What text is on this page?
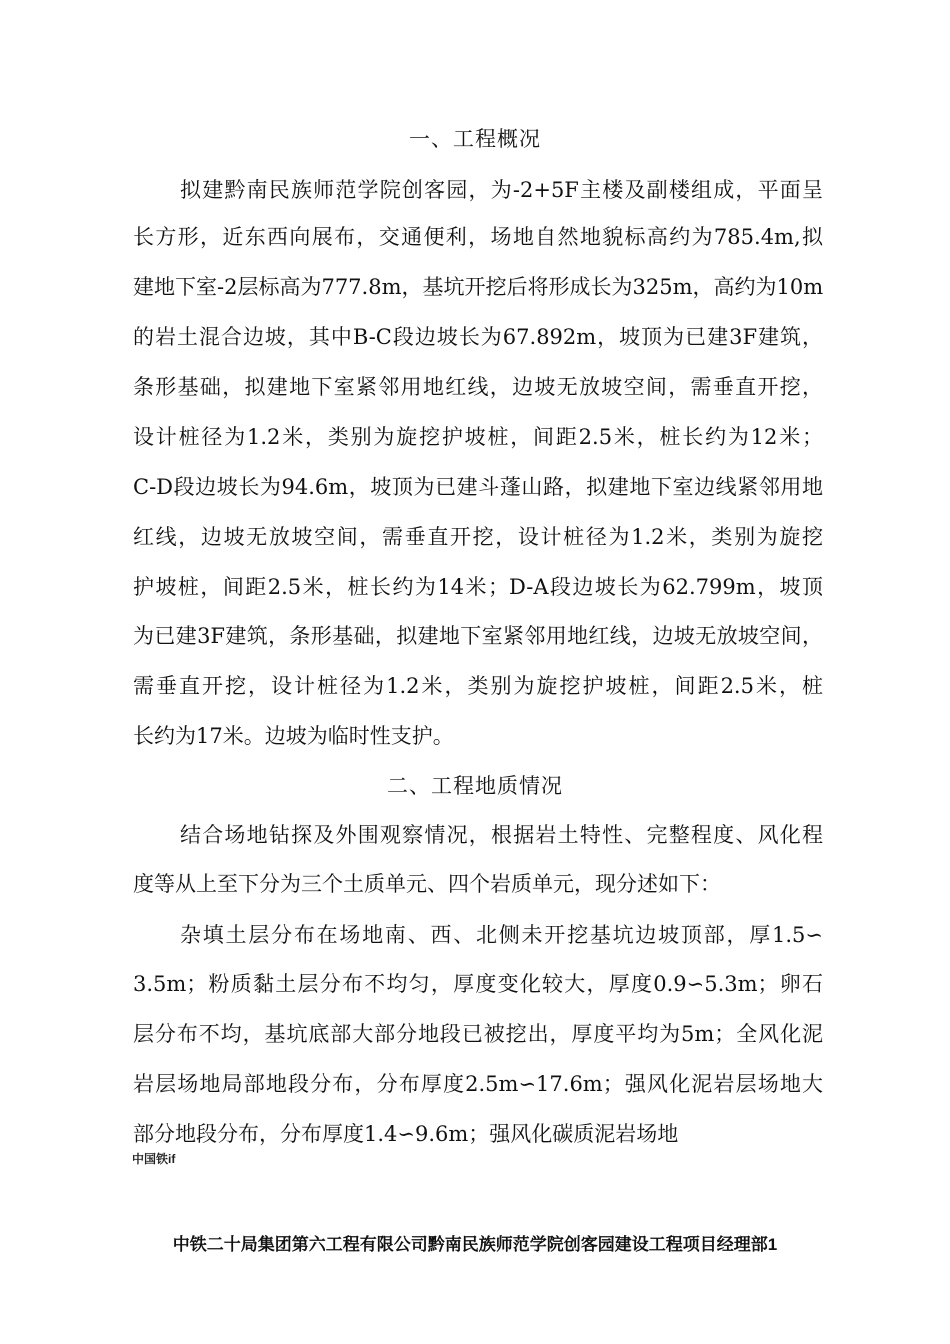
一、工程概况
拟建黔南民族师范学院创客园，为-2+5F主楼及副楼组成，平面呈
长方形，近东西向展布，交通便利，场地自然地貌标高约为785.4m,拟
建地下室-2层标高为777.8m，基坑开挖后将形成长为325m，高约为10m
的岩土混合边坡，其中B-C段边坡长为67.892m，坡顶为已建3F建筑，
条形基础，拟建地下室紧邻用地红线，边坡无放坡空间，需垂直开挖，
设计桩径为1.2米，类别为旋挖护坡桩，间距2.5米，桩长约为12米；
C-D段边坡长为94.6m，坡顶为已建斗蓬山路，拟建地下室边线紧邻用地
红线，边坡无放坡空间，需垂直开挖，设计桩径为1.2米，类别为旋挖
护坡桩，间距2.5米，桩长约为14米；D-A段边坡长为62.799m，坡顶
为已建3F建筑，条形基础，拟建地下室紧邻用地红线，边坡无放坡空间，
需垂直开挖，设计桩径为1.2米，类别为旋挖护坡桩，间距2.5米，桩
长约为17米。边坡为临时性支护。
二、工程地质情况
结合场地钻探及外围观察情况，根据岩土特性、完整程度、风化程
度等从上至下分为三个土质单元、四个岩质单元，现分述如下：
杂填土层分布在场地南、西、北侧未开挖基坑边坡顶部，厚1.5∽
3.5m；粉质黏土层分布不均匀，厚度变化较大，厚度0.9∽5.3m；卵石
层分布不均，基坑底部大部分地段已被挖出，厚度平均为5m；全风化泥
岩层场地局部地段分布，分布厚度2.5m∽17.6m；强风化泥岩层场地大
部分地段分布，分布厚度1.4∽9.6m；强风化碳质泥岩场地
中国铁if
中铁二十局集团第六工程有限公司黔南民族师范学院创客园建设工程项目经理部1
